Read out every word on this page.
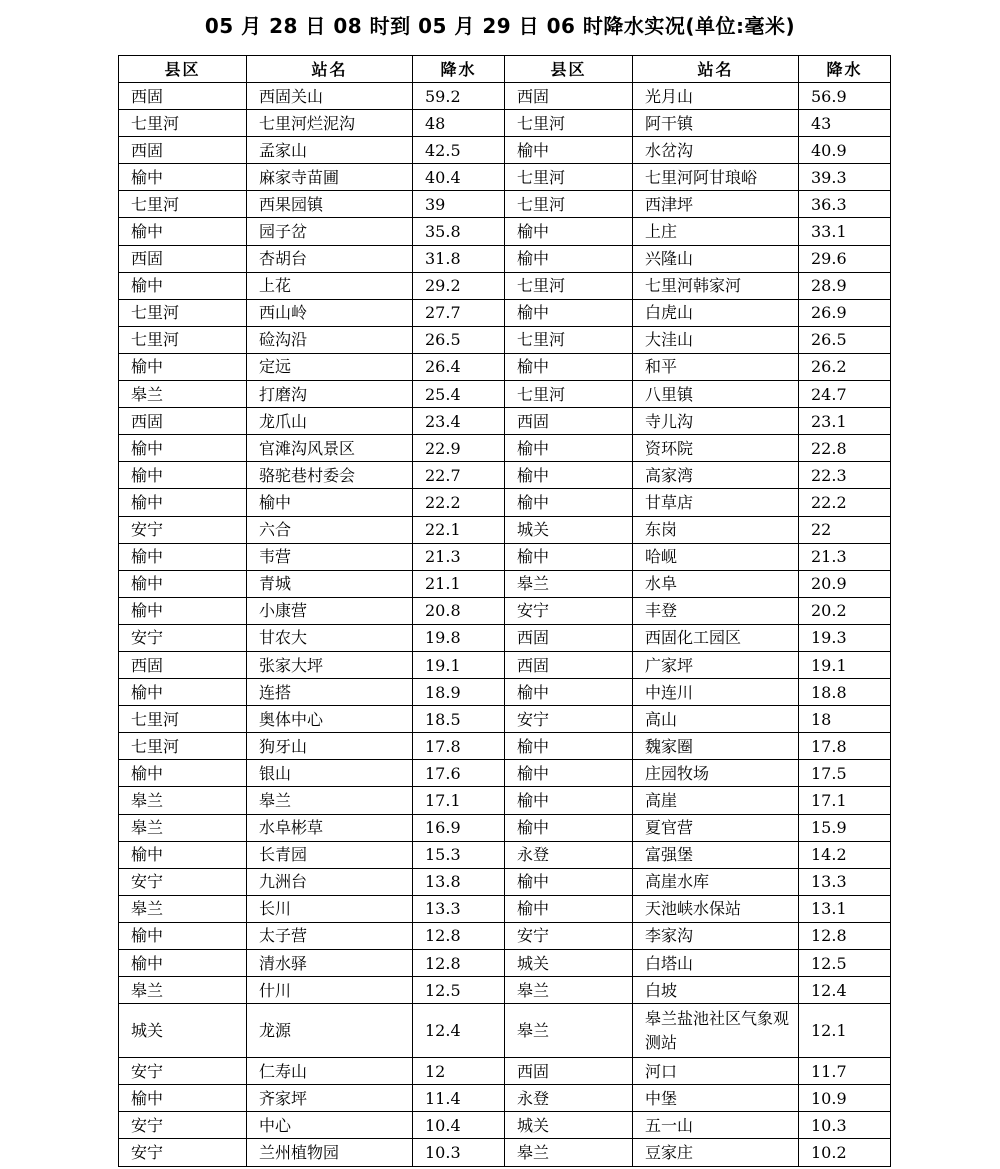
05 月 28 日 08 时到 05 月 29 日 06 时降水实况(单位:毫米)
县区	站名	降水	县区	站名	降水
西固	西固关山	59.2	西固	光月山	56.9
七里河	七里河烂泥沟	48	七里河	阿干镇	43
西固	孟家山	42.5	榆中	水岔沟	40.9
榆中	麻家寺苗圃	40.4	七里河	七里河阿甘琅峪	39.3
七里河	西果园镇	39	七里河	西津坪	36.3
榆中	园子岔	35.8	榆中	上庄	33.1
西固	杏胡台	31.8	榆中	兴隆山	29.6
榆中	上花	29.2	七里河	七里河韩家河	28.9
七里河	西山岭	27.7	榆中	白虎山	26.9
七里河	硷沟沿	26.5	七里河	大洼山	26.5
榆中	定远	26.4	榆中	和平	26.2
皋兰	打磨沟	25.4	七里河	八里镇	24.7
西固	龙爪山	23.4	西固	寺儿沟	23.1
榆中	官滩沟风景区	22.9	榆中	资环院	22.8
榆中	骆驼巷村委会	22.7	榆中	高家湾	22.3
榆中	榆中	22.2	榆中	甘草店	22.2
安宁	六合	22.1	城关	东岗	22
榆中	韦营	21.3	榆中	哈岘	21.3
榆中	青城	21.1	皋兰	水阜	20.9
榆中	小康营	20.8	安宁	丰登	20.2
安宁	甘农大	19.8	西固	西固化工园区	19.3
西固	张家大坪	19.1	西固	广家坪	19.1
榆中	连搭	18.9	榆中	中连川	18.8
七里河	奥体中心	18.5	安宁	高山	18
七里河	狗牙山	17.8	榆中	魏家圈	17.8
榆中	银山	17.6	榆中	庄园牧场	17.5
皋兰	皋兰	17.1	榆中	高崖	17.1
皋兰	水阜彬草	16.9	榆中	夏官营	15.9
榆中	长青园	15.3	永登	富强堡	14.2
安宁	九洲台	13.8	榆中	高崖水库	13.3
皋兰	长川	13.3	榆中	天池峡水保站	13.1
榆中	太子营	12.8	安宁	李家沟	12.8
榆中	清水驿	12.8	城关	白塔山	12.5
皋兰	什川	12.5	皋兰	白坡	12.4
城关	龙源	12.4	皋兰	皋兰盐池社区气象观测站	12.1
安宁	仁寿山	12	西固	河口	11.7
榆中	齐家坪	11.4	永登	中堡	10.9
安宁	中心	10.4	城关	五一山	10.3
安宁	兰州植物园	10.3	皋兰	豆家庄	10.2
